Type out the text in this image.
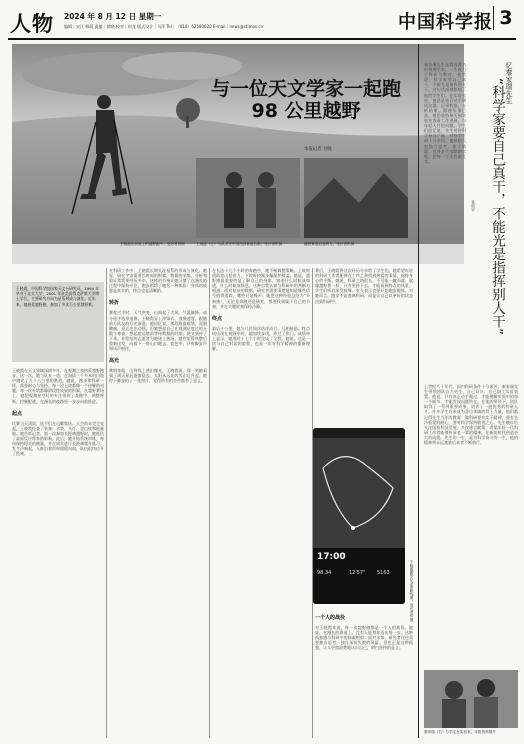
人物 2024 年 8 月 12 日 星期一
编辑｜宋江 韩琨 责编｜徐晓 校对｜何龙 版式设计｜马萍 Tel｜（010）62580620 E-mail｜news@stimes.cn	中国科学报 3
与一位天文学家一起跑 98 公里越野
本报记者 甘晓
王晓霞在高原上的越野跑中。受访者供图	王晓霞（左）与队友在中国西部赛道合影。受访者供图	越野赛道沿途风光。受访者供图
王晓霞，中国科学院国家天文台研究员，1994 年毕业于北京大学，2001 年获美国得克萨斯大学博士学位。主要研究方向为星系形成与演化。近年来，她热爱越野跑，参加了多次百公里越野赛。
王晓霞在天文领域深耕多年，在观测之余热爱越野跑步。这一次，她与队友一道，在海拔三千多米的山地中跑完了九十八公里的赛道。她说，跑步和科研一样，需要耐心与坚持。每一段上坡都像一个待解的问题，每一次补给都像阶段性成果的积累。在越野赛场上，她把观测星空时的专注带到了奔跑中，调整呼吸，控制配速，在漫长的夜路里一步步向前推进。
起点
比赛当天清晨，选手们在山脚集结。天空尚未完全亮起，王晓霞检查了装备：水袋、头灯、登山杖和能量胶。她告诉记者，第一次参加长距离越野时，她低估了高原反应带来的影响。此后，她开始系统训练，每周保持稳定的跑量，并在周末进行长距离爬升练习。发令声响起，人群沿着草甸缓缓向前，队伍很快拉开了距离。
在科研工作中，王晓霞长期关注星系的形成与演化。她说，研究宇宙需要长时间的积累，数据的采集、分析和验证常常要经历多年。这样的节奏让她习惯了在漫长的过程中保持专注。跑步则给了她另一种体验：身体的疲惫是真实的，终点也是清晰的。
转折
赛程过半时，天气突变，山间起了大风。气温骤降，部分选手选择退赛。王晓霞穿上冲锋衣，放慢速度，跟随前方队友的灯光前进。她回忆说，那段路最难熬，双腿酸痛，意志也在动摇。但她想起自己在观测站度过的无数个寒夜，想起望远镜前等待数据的时刻，便又坚持了下来。补给站的志愿者为她递上热汤，她在短暂休整后重新出发，向着下一座山口跑去。夜色中，只有脚步声和风声相伴。
高光
黎明来临，山脊线上透出微光。王晓霞说，那一刻她看到了满天星辰逐渐隐去，太阳从远处的雪山后升起。她停下脚步拍了一张照片，觉得所有的辛苦都有了意义。
在长达十几个小时的奔跑中，她不断调整策略。上坡时借助登山杖省力，下坡时控制步幅保护膝盖。她说，越野跑最重要的是了解自己的身体，知道什么时候该加速，什么时候该休息。这种自我认知与科研中的判断力相通：面对复杂的数据，研究者需要清楚地知道哪些信号值得追踪，哪些只是噪声。她把这种经验总结为“节奏感”，无论是奔跑还是研究，都要找到属于自己的节奏，并在关键时刻保持冷静。
终点
最后十公里，她与几位同伴结伴而行，互相鼓励。终点线出现在视野中时，她加快步伐，冲过了拱门。成绩单上显示，她用时十七个小时完成了全程。她说，这是一次与自己对话的旅程，也是一次对科学精神的重新理解。
赛后，王晓霞将这次经历分享给了学生们。她希望年轻的科研工作者能够在工作之余找到热爱的事情，保持身心的平衡。她说，科研之路很长，不可能一蹴而就，就像越野赛一样，只有坚持下去，才能看到终点的风景。学生们听后深受鼓舞，有人表示也要开始跑步锻炼。对她而言，跑步不是逃离科研，而是让自己以更好的状态回到科研中。
17:00
98.34	12'57" 5163	王晓霞跑步记录的路线图。受访者供图
一个人的战役
对王晓霞来说，每一次越野跑都是一个人的战役。她说，在漫长的赛道上，没有人能替你迈出每一步。这种孤独感与科研中的探索相似：面对未知，研究者往往需要独自思考，独自承担失败的风险。但也正是这种孤独，让人更加清楚地认识自己，明白坚持的意义。
忆秦家瑞先生
“科学家要自己真干，不能光是指挥别人干”
张贵平
秦家瑞先生是我国著名的物理学家，一生致力于科研与教育。他常说，科学家要自己真干，不能光是指挥别人干。这句话深刻影响了他的学生们。在实验室里，他总是亲自动手调试仪器，记录数据，分析结果。即便年事已高，他仍坚持每天到实验室查看工作进展，与年轻人讨论问题。学生们回忆说，先生对待科学极其严谨，对待学生却十分亲切。他鼓励大家独立思考，敢于质疑，也要求大家脚踏实地，把每一个实验做扎实。
上世纪八十年代，国内科研条件十分艰苦。秦家瑞先生带领团队自力更生，自己设计、自己加工实验装置。他说，只有真正动手做过，才能理解实验中的每一个细节，才能发现问题所在。在他的带领下，团队取得了一系列重要成果，培养了一批优秀的科研人才。许多学生后来成为各自领域的骨干力量，他们都记得先生当年的教诲：做科研要有实干精神，要有坐冷板凳的耐心，要对科学保持敬畏之心。先生晚年仍关注国家科技发展，多次建言献策，希望年轻一代科研工作者能够传承老一辈的精神，在新的时代创造更大的成就。先生的一生，是为科学奋斗的一生，他的精神将永远激励后来者不断前行。
秦家瑞（右）与学生在实验室。本报资料图片
